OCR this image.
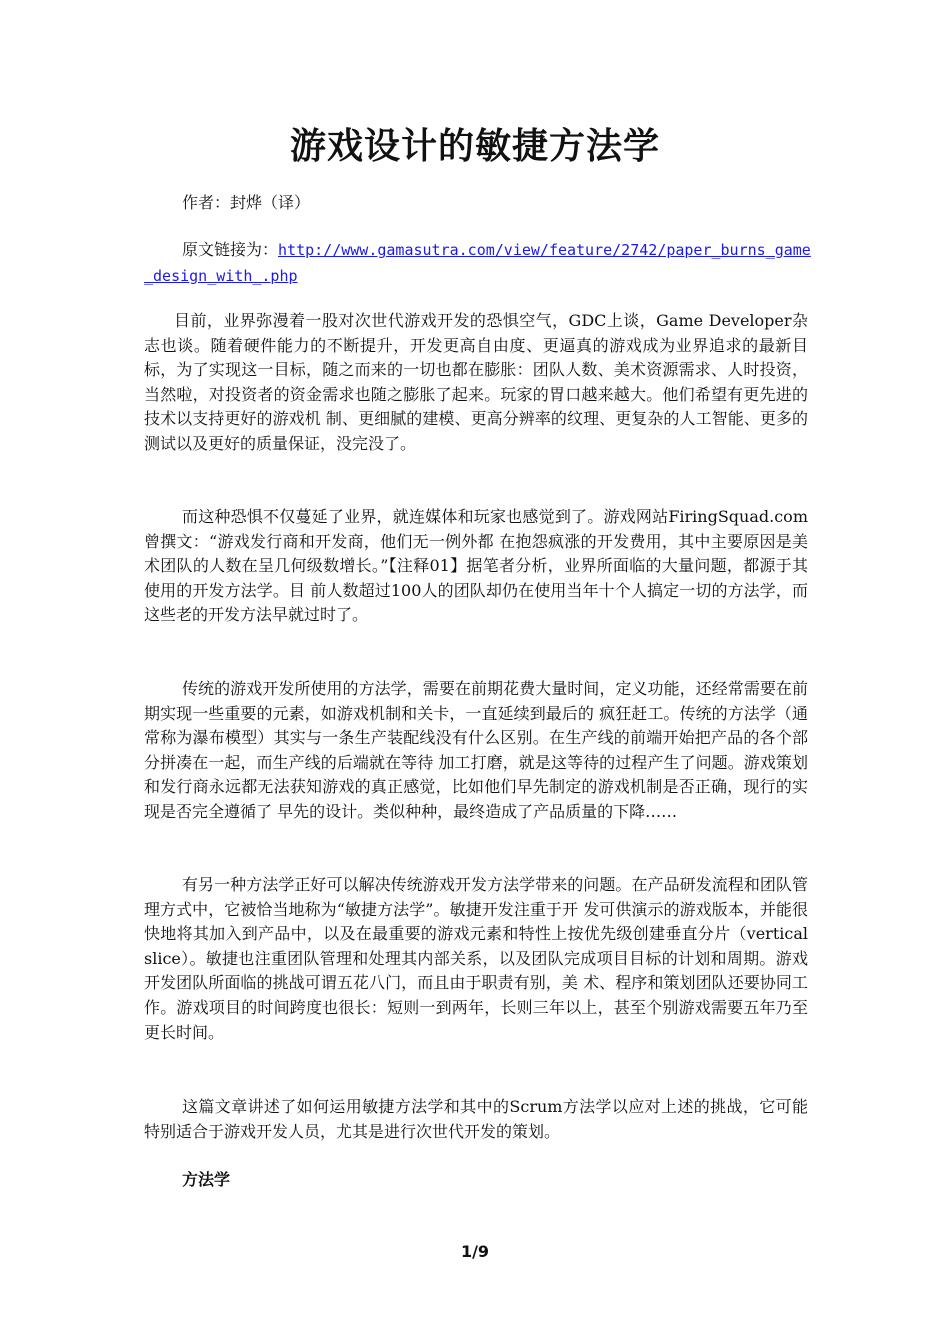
游戏设计的敏捷方法学

作者：封烨（译）

原文链接为：http://www.gamasutra.com/view/feature/2742/paper_burns_game_design_with_.php

目前，业界弥漫着一股对次世代游戏开发的恐惧空气，GDC上谈，Game Developer杂志也谈。随着硬件能力的不断提升，开发更高自由度、更逼真的游戏成为业界追求的最新目标，为了实现这一目标，随之而来的一切也都在膨胀：团队人数、美术资源需求、人时投资，当然啦，对投资者的资金需求也随之膨胀了起来。玩家的胃口越来越大。他们希望有更先进的技术以支持更好的游戏机 制、更细腻的建模、更高分辨率的纹理、更复杂的人工智能、更多的测试以及更好的质量保证，没完没了。

而这种恐惧不仅蔓延了业界，就连媒体和玩家也感觉到了。游戏网站FiringSquad.com曾撰文：“游戏发行商和开发商，他们无一例外都 在抱怨疯涨的开发费用，其中主要原因是美术团队的人数在呈几何级数增长。”【注释01】据笔者分析，业界所面临的大量问题，都源于其使用的开发方法学。目 前人数超过100人的团队却仍在使用当年十个人搞定一切的方法学，而这些老的开发方法早就过时了。

传统的游戏开发所使用的方法学，需要在前期花费大量时间，定义功能，还经常需要在前期实现一些重要的元素，如游戏机制和关卡，一直延续到最后的 疯狂赶工。传统的方法学（通常称为瀑布模型）其实与一条生产装配线没有什么区别。在生产线的前端开始把产品的各个部分拼凑在一起，而生产线的后端就在等待 加工打磨，就是这等待的过程产生了问题。游戏策划和发行商永远都无法获知游戏的真正感觉，比如他们早先制定的游戏机制是否正确，现行的实现是否完全遵循了 早先的设计。类似种种，最终造成了产品质量的下降……

有另一种方法学正好可以解决传统游戏开发方法学带来的问题。在产品研发流程和团队管理方式中，它被恰当地称为“敏捷方法学”。敏捷开发注重于开 发可供演示的游戏版本，并能很快地将其加入到产品中，以及在最重要的游戏元素和特性上按优先级创建垂直分片（vertical slice）。敏捷也注重团队管理和处理其内部关系，以及团队完成项目目标的计划和周期。游戏开发团队所面临的挑战可谓五花八门，而且由于职责有别，美 术、程序和策划团队还要协同工作。游戏项目的时间跨度也很长：短则一到两年，长则三年以上，甚至个别游戏需要五年乃至更长时间。

这篇文章讲述了如何运用敏捷方法学和其中的Scrum方法学以应对上述的挑战，它可能特别适合于游戏开发人员，尤其是进行次世代开发的策划。

方法学

1/9
